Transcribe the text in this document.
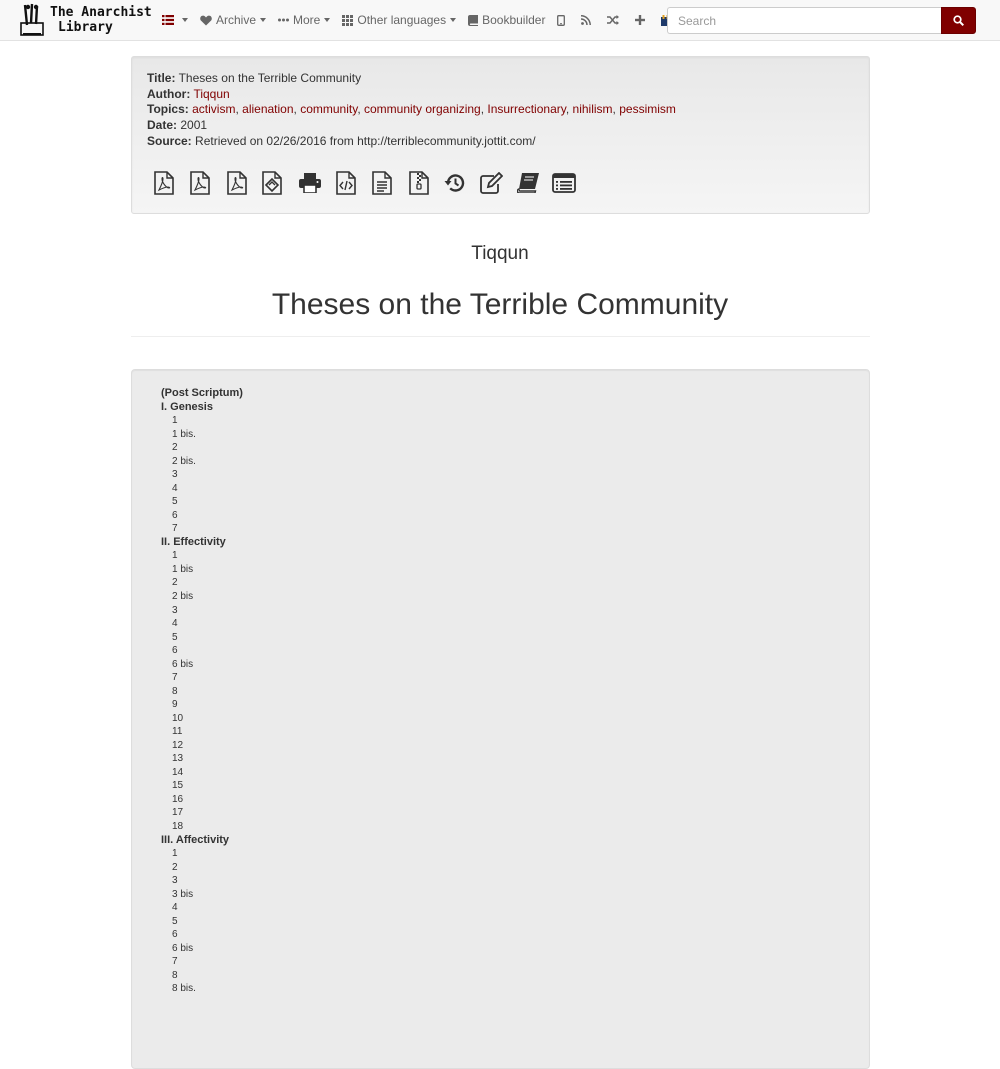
The Anarchist
Library	Archive	More	Other languages	Bookbuilder
Search
Title: Theses on the Terrible Community
Author: Tiqqun
Topics: activism, alienation, community, community organizing, Insurrectionary, nihilism, pessimism
Date: 2001
Source: Retrieved on 02/26/2016 from http://terriblecommunity.jottit.com/
Tiqqun
Theses on the Terrible Community
(Post Scriptum)
I. Genesis
1
1 bis.
2
2 bis.
3
4
5
6
7
II. Effectivity
1
1 bis
2
2 bis
3
4
5
6
6 bis
7
8
9
10
11
12
13
14
15
16
17
18
III. Affectivity
1
2
3
3 bis
4
5
6
6 bis
7
8
8 bis.
